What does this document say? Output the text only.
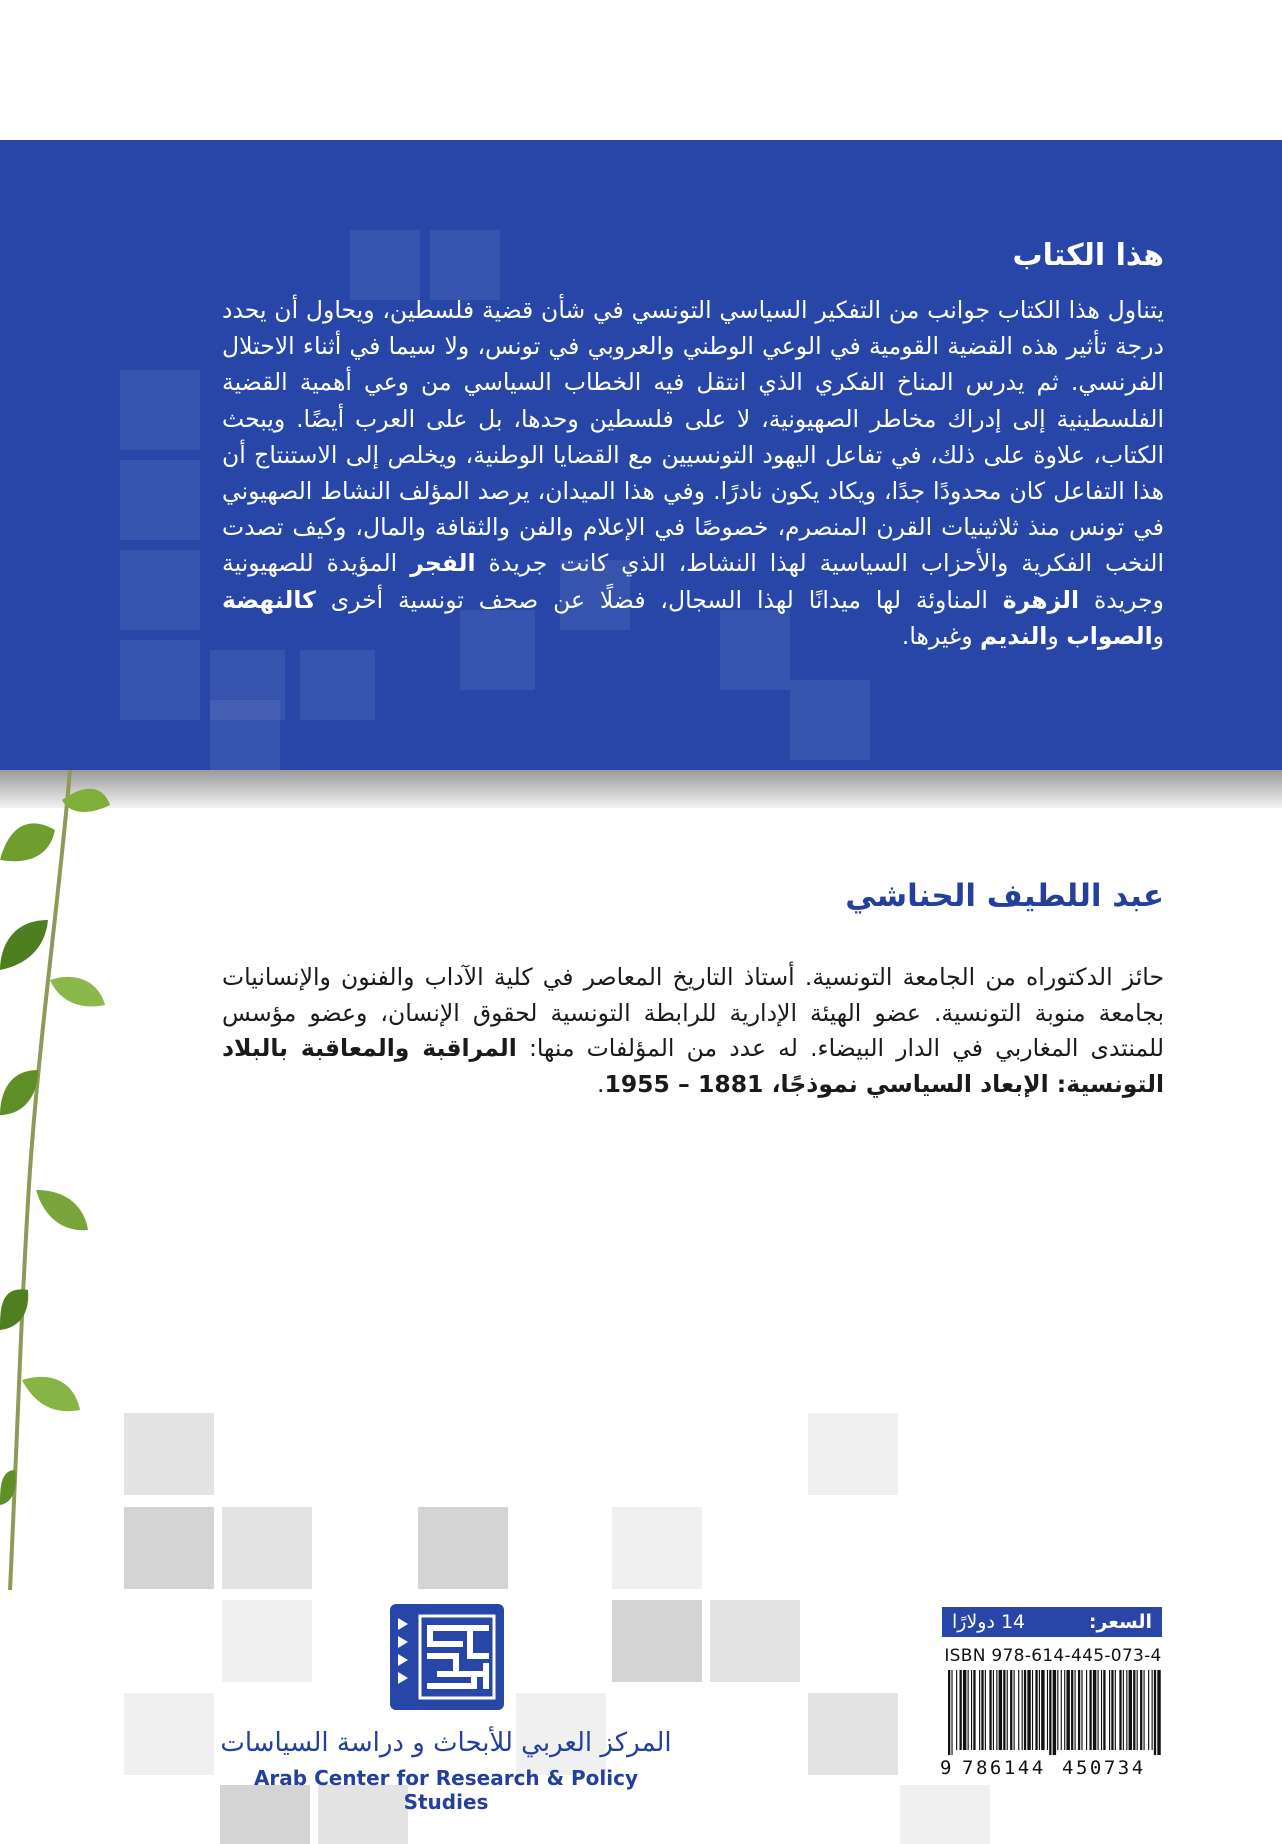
هذا الكتاب

يتناول هذا الكتاب جوانب من التفكير السياسي التونسي في شأن قضية فلسطين، ويحاول أن يحدد درجة تأثير هذه القضية القومية في الوعي الوطني والعروبي في تونس، ولا سيما في أثناء الاحتلال الفرنسي. ثم يدرس المناخ الفكري الذي انتقل فيه الخطاب السياسي من وعي أهمية القضية الفلسطينية إلى إدراك مخاطر الصهيونية، لا على فلسطين وحدها، بل على العرب أيضًا. ويبحث الكتاب، علاوة على ذلك، في تفاعل اليهود التونسيين مع القضايا الوطنية، ويخلص إلى الاستنتاج أن هذا التفاعل كان محدودًا جدًا، ويكاد يكون نادرًا. وفي هذا الميدان، يرصد المؤلف النشاط الصهيوني في تونس منذ ثلاثينيات القرن المنصرم، خصوصًا في الإعلام والفن والثقافة والمال، وكيف تصدت النخب الفكرية والأحزاب السياسية لهذا النشاط، الذي كانت جريدة الفجر المؤيدة للصهيونية وجريدة الزهرة المناوئة لها ميدانًا لهذا السجال، فضلًا عن صحف تونسية أخرى كالنهضة والصواب والنديم وغيرها.

عبد اللطيف الحناشي

حائز الدكتوراه من الجامعة التونسية. أستاذ التاريخ المعاصر في كلية الآداب والفنون والإنسانيات بجامعة منوبة التونسية. عضو الهيئة الإدارية للرابطة التونسية لحقوق الإنسان، وعضو مؤسس للمنتدى المغاربي في الدار البيضاء. له عدد من المؤلفات منها: المراقبة والمعاقبة بالبلاد التونسية: الإبعاد السياسي نموذجًا، 1881 – 1955.

المركز العربي للأبحاث و دراسة السياسات
Arab Center for Research & Policy Studies
السعر:
14 دولارًا
ISBN 978-614-445-073-4
9 786144 450734
